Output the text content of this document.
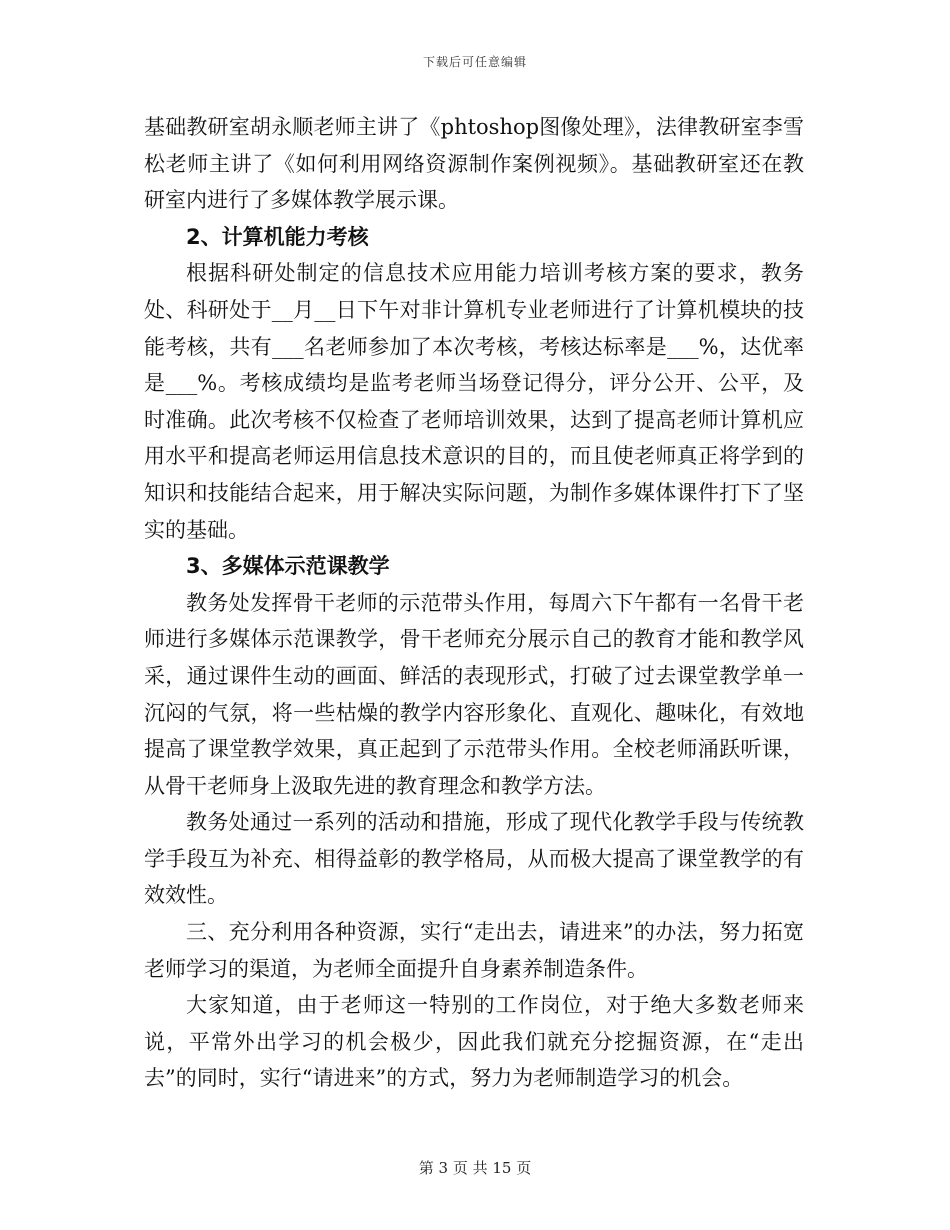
下载后可任意编辑

基础教研室胡永顺老师主讲了《phtoshop图像处理》，法律教研室李雪松老师主讲了《如何利用网络资源制作案例视频》。基础教研室还在教研室内进行了多媒体教学展示课。

2、计算机能力考核

根据科研处制定的信息技术应用能力培训考核方案的要求，教务处、科研处于__月__日下午对非计算机专业老师进行了计算机模块的技能考核，共有___名老师参加了本次考核，考核达标率是___%，达优率是___%。考核成绩均是监考老师当场登记得分，评分公开、公平，及时准确。此次考核不仅检查了老师培训效果，达到了提高老师计算机应用水平和提高老师运用信息技术意识的目的，而且使老师真正将学到的知识和技能结合起来，用于解决实际问题，为制作多媒体课件打下了坚实的基础。

3、多媒体示范课教学

教务处发挥骨干老师的示范带头作用，每周六下午都有一名骨干老师进行多媒体示范课教学，骨干老师充分展示自己的教育才能和教学风采，通过课件生动的画面、鲜活的表现形式，打破了过去课堂教学单一沉闷的气氛，将一些枯燥的教学内容形象化、直观化、趣味化，有效地提高了课堂教学效果，真正起到了示范带头作用。全校老师涌跃听课，从骨干老师身上汲取先进的教育理念和教学方法。

教务处通过一系列的活动和措施，形成了现代化教学手段与传统教学手段互为补充、相得益彰的教学格局，从而极大提高了课堂教学的有效效性。

三、充分利用各种资源，实行“走出去，请进来”的办法，努力拓宽老师学习的渠道，为老师全面提升自身素养制造条件。

大家知道，由于老师这一特别的工作岗位，对于绝大多数老师来说，平常外出学习的机会极少，因此我们就充分挖掘资源，在“走出去”的同时，实行“请进来”的方式，努力为老师制造学习的机会。

第 3 页 共 15 页
